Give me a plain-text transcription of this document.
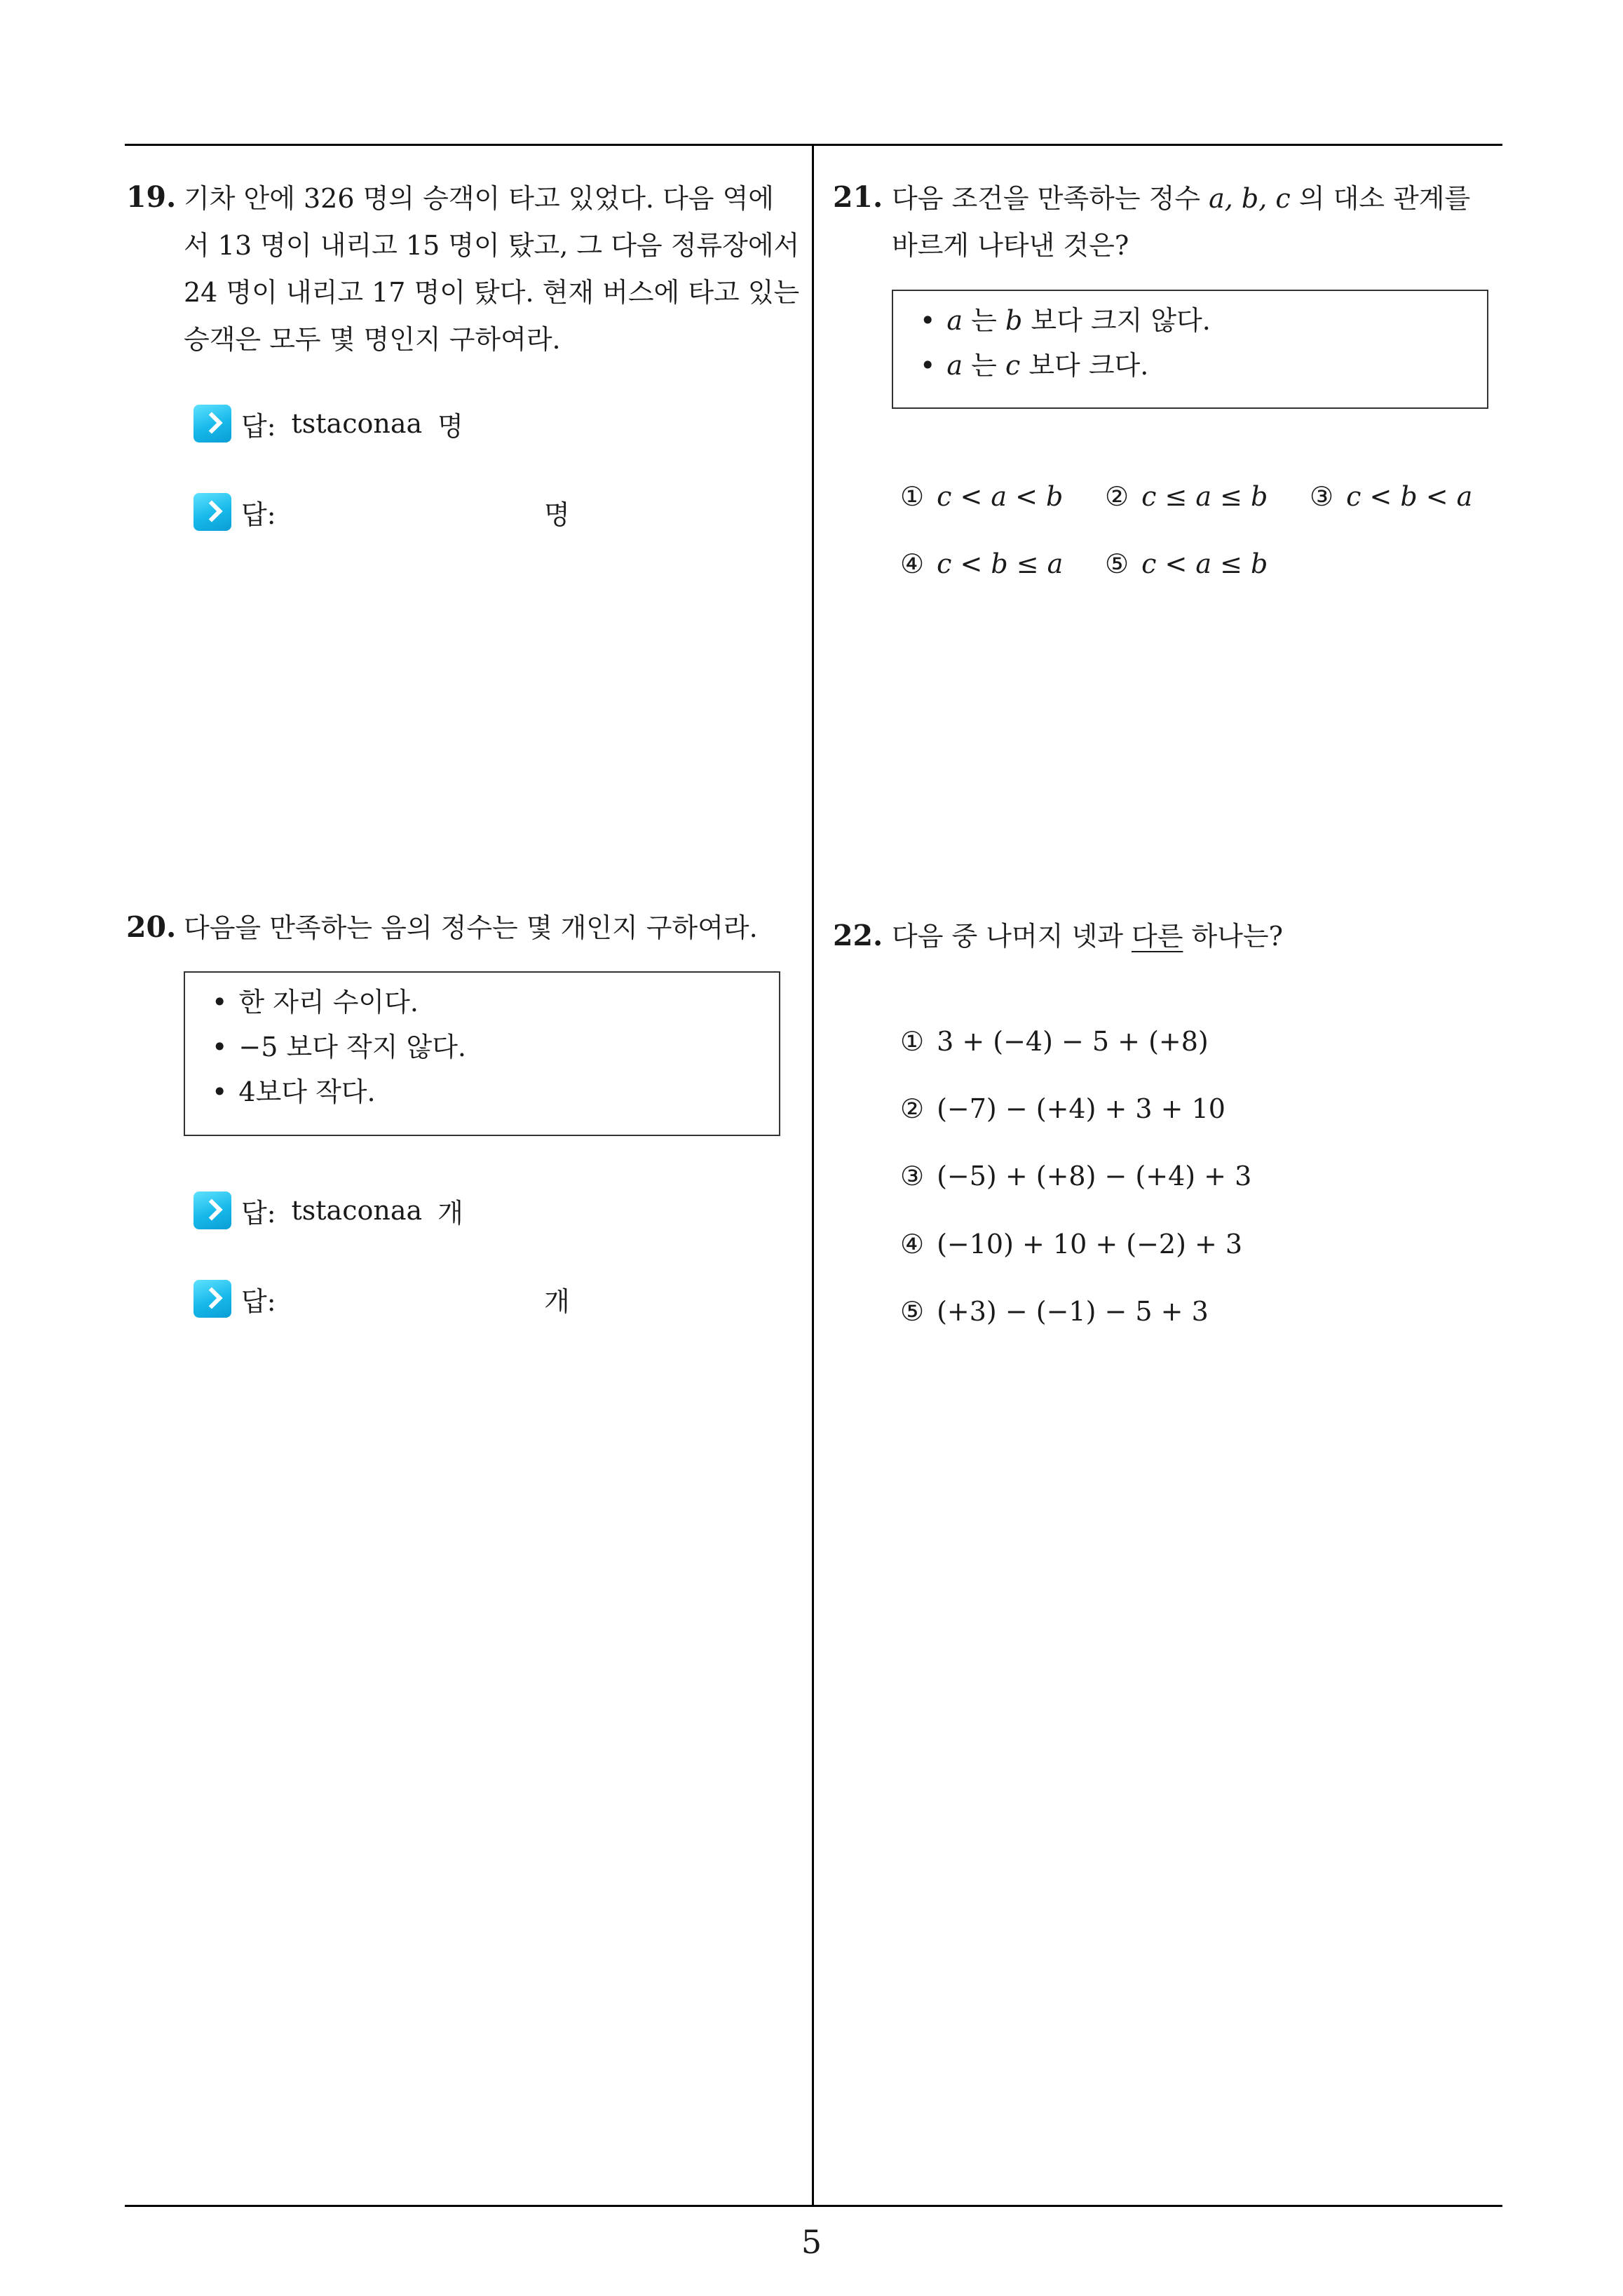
19. 기차 안에 326 명의 승객이 타고 있었다. 다음 역에
서 13 명이 내리고 15 명이 탔고, 그 다음 정류장에서
24 명이 내리고 17 명이 탔다. 현재 버스에 타고 있는
승객은 모두 몇 명인지 구하여라.
답: tstaconaa 명
답:	명
20. 다음을 만족하는 음의 정수는 몇 개인지 구하여라.
• 한 자리 수이다.
• −5 보다 작지 않다.
• 4보다 작다.
답: tstaconaa 개
답:	개
21. 다음 조건을 만족하는 정수 a, b, c 의 대소 관계를
바르게 나타낸 것은?
• a 는 b 보다 크지 않다.
• a 는 c 보다 크다.
① c < a < b ② c ≤ a ≤ b ③ c < b < a
④ c < b ≤ a ⑤ c < a ≤ b
22. 다음 중 나머지 넷과 다른 하나는?
① 3 + (−4) − 5 + (+8)
② (−7) − (+4) + 3 + 10
③ (−5) + (+8) − (+4) + 3
④ (−10) + 10 + (−2) + 3
⑤ (+3) − (−1) − 5 + 3
5
